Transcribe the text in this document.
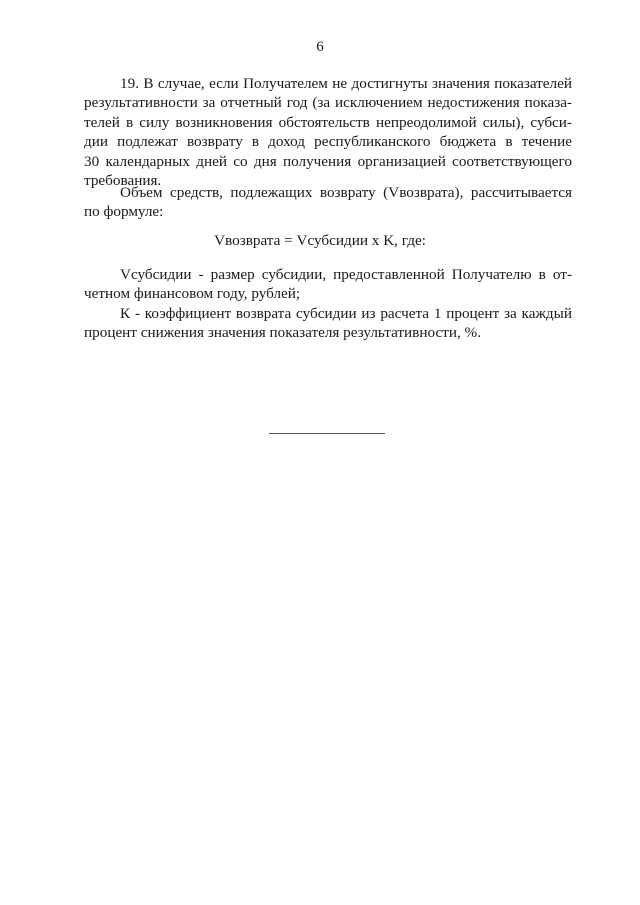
6
19. В случае, если Получателем не достигнуты значения показателей
результативности за отчетный год (за исключением недостижения показа-
телей в силу возникновения обстоятельств непреодолимой силы), субси-
дии подлежат возврату в доход республиканского бюджета в течение
30 календарных дней со дня получения организацией соответствующего
требования.
Объем средств, подлежащих возврату (Vвозврата), рассчитывается
по формуле:
Vвозврата = Vсубсидии x K, где:
Vсубсидии - размер субсидии, предоставленной Получателю в от-
четном финансовом году, рублей;
К - коэффициент возврата субсидии из расчета 1 процент за каждый
процент снижения значения показателя результативности, %.
